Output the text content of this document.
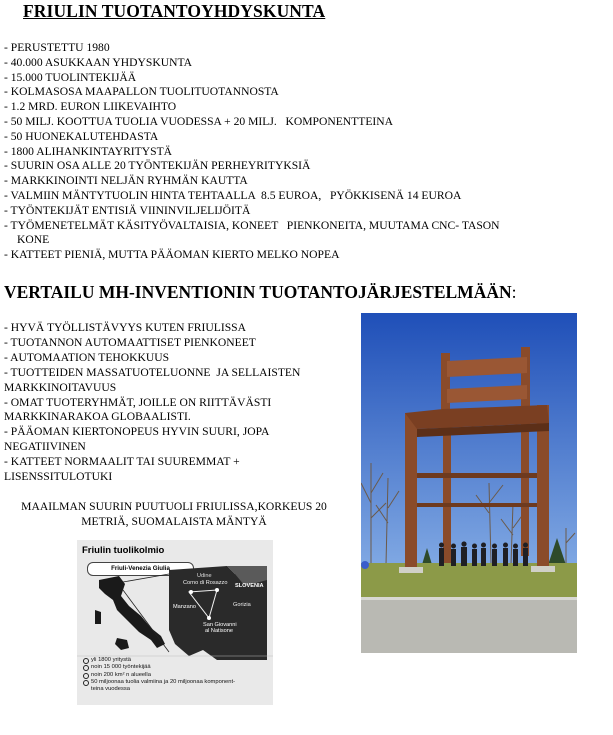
FRIULIN TUOTANTOYHDYSKUNTA
- PERUSTETTU 1980
- 40.000 ASUKKAAN YHDYSKUNTA
- 15.000 TUOLINTEKIJÄÄ
- KOLMASOSA MAAPALLON TUOLITUOTANNOSTA
- 1.2 MRD. EURON LIIKEVAIHTO
- 50 MILJ. KOOTTUA TUOLIA VUODESSA + 20 MILJ.   KOMPONENTTEINA
- 50 HUONEKALUTEHDASTA
- 1800 ALIHANKINTAYRITYSTÄ
- SUURIN OSA ALLE 20 TYÖNTEKIJÄN PERHEYRITYKSIÄ
- MARKKINOINTI NELJÄN RYHMÄN KAUTTA
- VALMIIN MÄNTYTUOLIN HINTA TEHTAALLA  8.5 EUROA,   PYÖKKISENÄ 14 EUROA
- TYÖNTEKIJÄT ENTISIÄ VIININVILJELIJÖITÄ
- TYÖMENETELMÄT KÄSITYÖVALTAISIA, KONEET   PIENKONEITA, MUUTAMA CNC- TASON
KONE
- KATTEET PIENIÄ, MUTTA PÄÄOMAN KIERTO MELKO NOPEA
VERTAILU MH-INVENTIONIN TUOTANTOJÄRJESTELMÄÄN:
- HYVÄ TYÖLLISTÄVYYS KUTEN FRIULISSA
- TUOTANNON AUTOMAATTISET PIENKONEET
- AUTOMAATION TEHOKKUUS
- TUOTTEIDEN MASSATUOTELUONNE  JA SELLAISTEN
MARKKINOITAVUUS
- OMAT TUOTERYHMÄT, JOILLE ON RIITTÄVÄSTI
MARKKINARAKOA GLOBAALISTI.
- PÄÄOMAN KIERTONOPEUS HYVIN SUURI, JOPA
NEGATIIVINEN
- KATTEET NORMAALIT TAI SUUREMMAT +
LISENSSITULOTUKI
MAAILMAN SUURIN PUUTUOLI FRIULISSA,KORKEUS 20
METRIÄ, SUOMALAISTA MÄNTYÄ
Friulin tuolikolmio
Friuli-Venezia Giulia
Udine
Corno di Rosazzo SLOVENIA
Gorizia
Manzano
San Giovanni
al Natisone
yli 1800 yritystä
noin 15 000 työntekijää
noin 200 km² n alueella
50 miljoonaa tuolia valmiina ja 20 miljoonaa komponent-
teina vuodessa
